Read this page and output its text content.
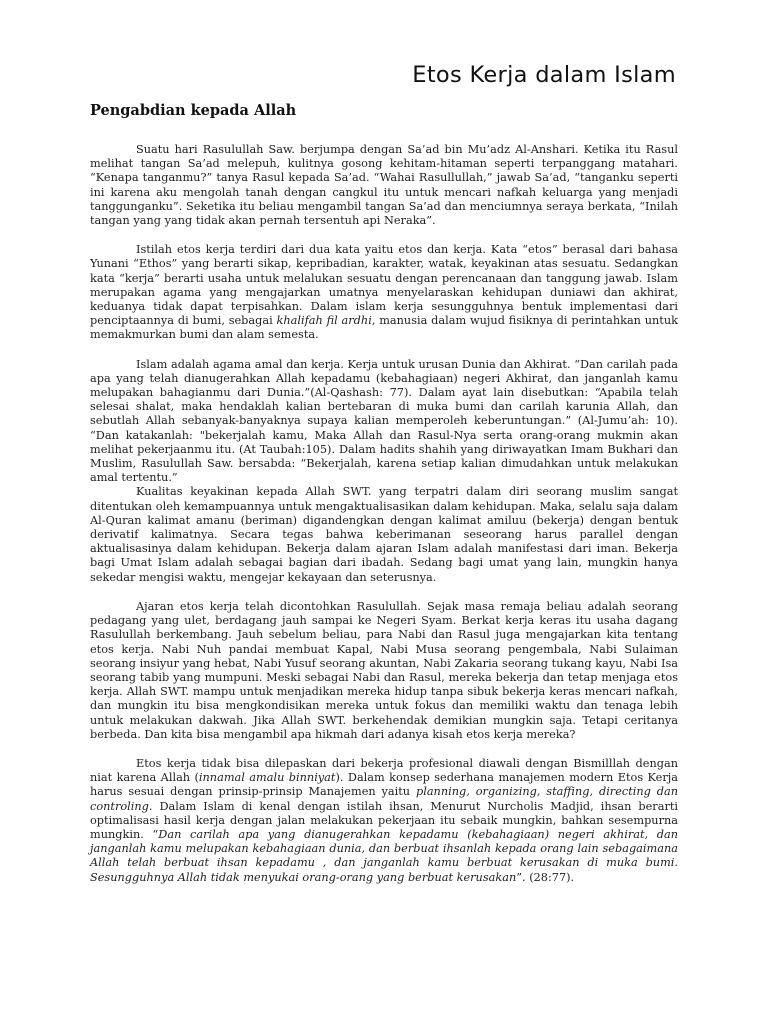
Etos Kerja dalam Islam
Pengabdian kepada Allah

Suatu hari Rasulullah Saw. berjumpa dengan Sa’ad bin Mu’adz Al-Anshari. Ketika itu Rasul melihat tangan Sa’ad melepuh, kulitnya gosong kehitam-hitaman seperti terpanggang matahari. “Kenapa tanganmu?” tanya Rasul kepada Sa’ad. “Wahai Rasullullah,” jawab Sa’ad, “tanganku seperti ini karena aku mengolah tanah dengan cangkul itu untuk mencari nafkah keluarga yang menjadi tanggunganku”. Seketika itu beliau mengambil tangan Sa’ad dan menciumnya seraya berkata, “Inilah tangan yang yang tidak akan pernah tersentuh api Neraka”.

Istilah etos kerja terdiri dari dua kata yaitu etos dan kerja. Kata “etos” berasal dari bahasa Yunani “Ethos” yang berarti sikap, kepribadian, karakter, watak, keyakinan atas sesuatu. Sedangkan kata “kerja” berarti usaha untuk melalukan sesuatu dengan perencanaan dan tanggung jawab. Islam merupakan agama yang mengajarkan umatnya menyelaraskan kehidupan duniawi dan akhirat, keduanya tidak dapat terpisahkan. Dalam islam kerja sesungguhnya bentuk implementasi dari penciptaannya di bumi, sebagai khalifah fil ardhi, manusia dalam wujud fisiknya di perintahkan untuk memakmurkan bumi dan alam semesta.

Islam adalah agama amal dan kerja. Kerja untuk urusan Dunia dan Akhirat. “Dan carilah pada apa yang telah dianugerahkan Allah kepadamu (kebahagiaan) negeri Akhirat, dan janganlah kamu melupakan bahagianmu dari Dunia.”(Al-Qashash: 77). Dalam ayat lain disebutkan: “Apabila telah selesai shalat, maka hendaklah kalian bertebaran di muka bumi dan carilah karunia Allah, dan sebutlah Allah sebanyak-banyaknya supaya kalian memperoleh keberuntungan.” (Al-Jumu’ah: 10). “Dan katakanlah: "bekerjalah kamu, Maka Allah dan Rasul-Nya serta orang-orang mukmin akan melihat pekerjaanmu itu. (At Taubah:105). Dalam hadits shahih yang diriwayatkan Imam Bukhari dan Muslim, Rasulullah Saw. bersabda: “Bekerjalah, karena setiap kalian dimudahkan untuk melakukan amal tertentu.”

Kualitas keyakinan kepada Allah SWT. yang terpatri dalam diri seorang muslim sangat ditentukan oleh kemampuannya untuk mengaktualisasikan dalam kehidupan. Maka, selalu saja dalam Al-Quran kalimat amanu (beriman) digandengkan dengan kalimat amiluu (bekerja) dengan bentuk derivatif kalimatnya. Secara tegas bahwa keberimanan seseorang harus parallel dengan aktualisasinya dalam kehidupan. Bekerja dalam ajaran Islam adalah manifestasi dari iman. Bekerja bagi Umat Islam adalah sebagai bagian dari ibadah. Sedang bagi umat yang lain, mungkin hanya sekedar mengisi waktu, mengejar kekayaan dan seterusnya.

Ajaran etos kerja telah dicontohkan Rasulullah. Sejak masa remaja beliau adalah seorang pedagang yang ulet, berdagang jauh sampai ke Negeri Syam. Berkat kerja keras itu usaha dagang Rasulullah berkembang. Jauh sebelum beliau, para Nabi dan Rasul juga mengajarkan kita tentang etos kerja. Nabi Nuh pandai membuat Kapal, Nabi Musa seorang pengembala, Nabi Sulaiman seorang insiyur yang hebat, Nabi Yusuf seorang akuntan, Nabi Zakaria seorang tukang kayu, Nabi Isa seorang tabib yang mumpuni. Meski sebagai Nabi dan Rasul, mereka bekerja dan tetap menjaga etos kerja. Allah SWT. mampu untuk menjadikan mereka hidup tanpa sibuk bekerja keras mencari nafkah, dan mungkin itu bisa mengkondisikan mereka untuk fokus dan memiliki waktu dan tenaga lebih untuk melakukan dakwah. Jika Allah SWT. berkehendak demikian mungkin saja. Tetapi ceritanya berbeda. Dan kita bisa mengambil apa hikmah dari adanya kisah etos kerja mereka?

Etos kerja tidak bisa dilepaskan dari bekerja profesional diawali dengan Bismilllah dengan niat karena Allah (innamal amalu binniyat). Dalam konsep sederhana manajemen modern Etos Kerja harus sesuai dengan prinsip-prinsip Manajemen yaitu planning, organizing, staffing, directing dan controling. Dalam Islam di kenal dengan istilah ihsan, Menurut Nurcholis Madjid, ihsan berarti optimalisasi hasil kerja dengan jalan melakukan pekerjaan itu sebaik mungkin, bahkan sesempurna mungkin. “Dan carilah apa yang dianugerahkan kepadamu (kebahagiaan) negeri akhirat, dan janganlah kamu melupakan kebahagiaan dunia, dan berbuat ihsanlah kepada orang lain sebagaimana Allah telah berbuat ihsan kepadamu , dan janganlah kamu berbuat kerusakan di muka bumi. Sesungguhnya Allah tidak menyukai orang-orang yang berbuat kerusakan”. (28:77).
